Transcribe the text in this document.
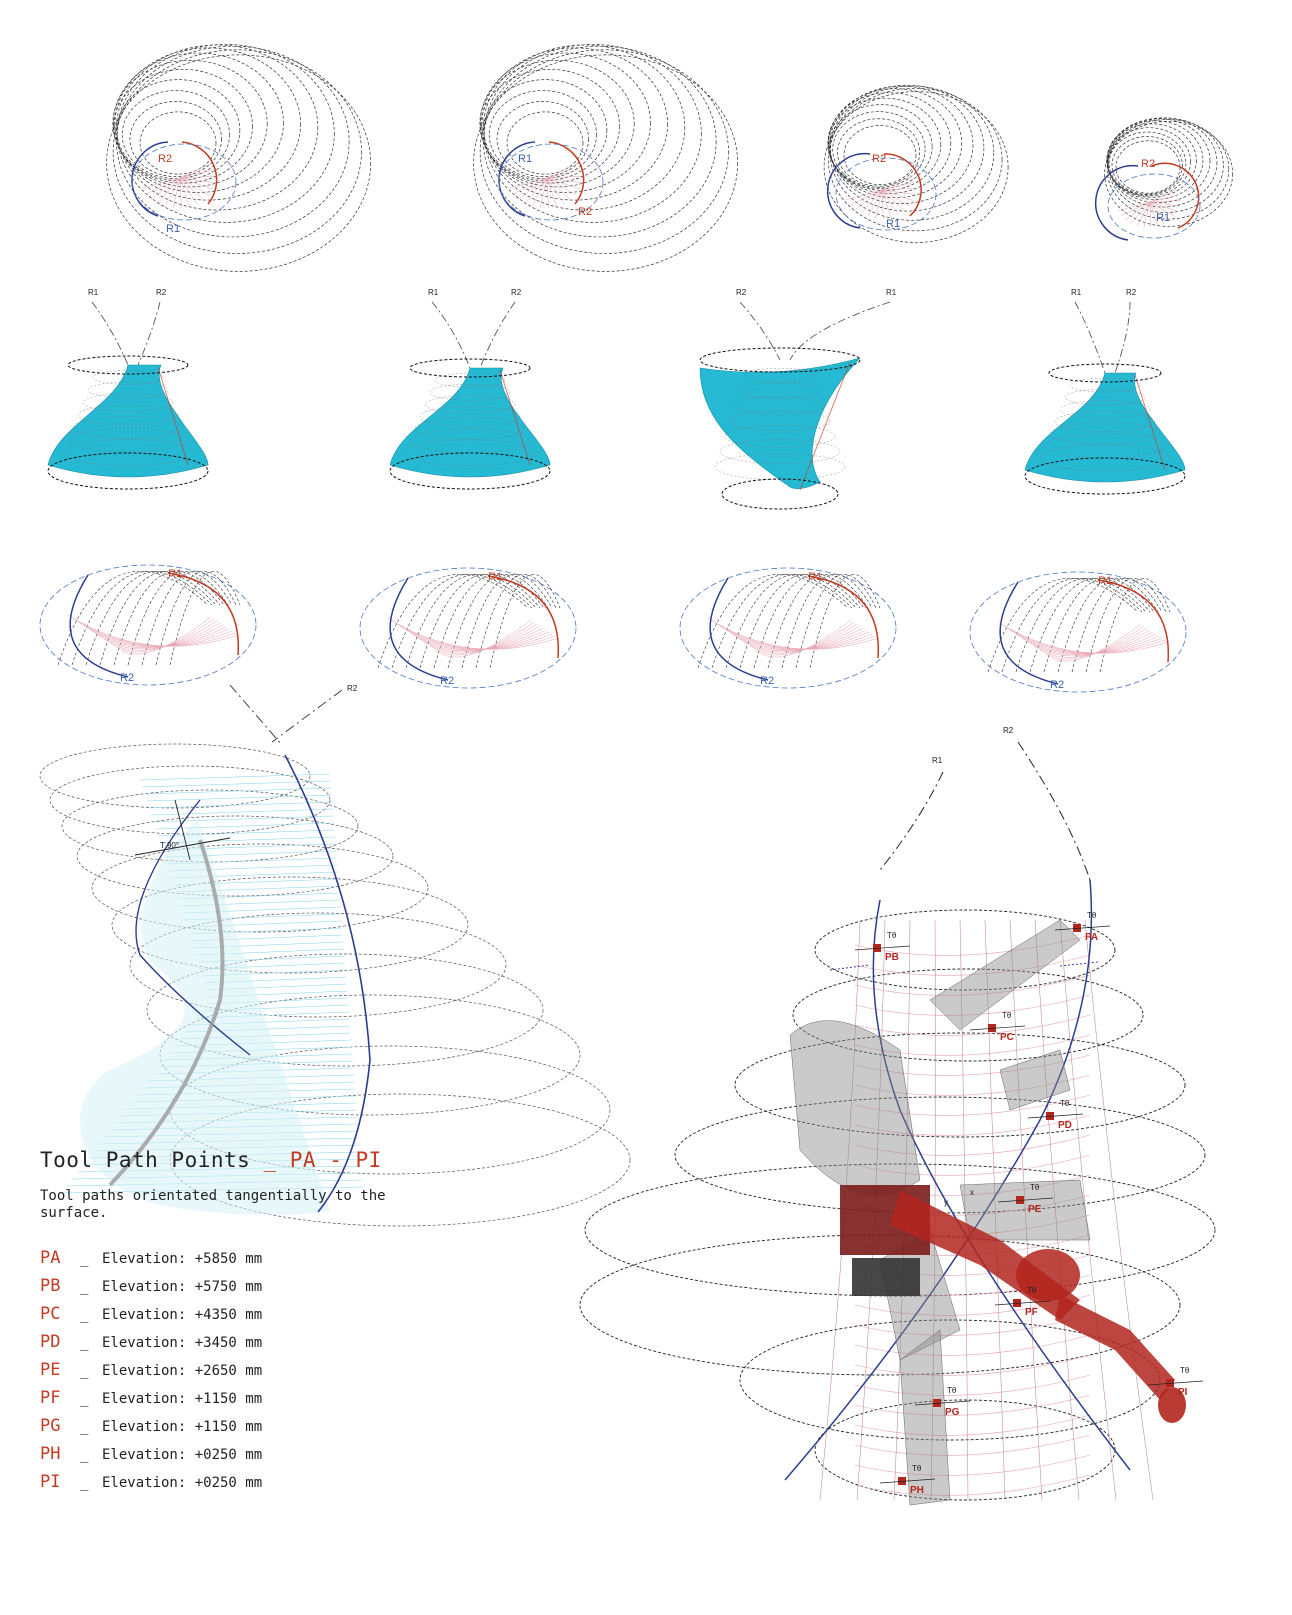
R2
R1
R1
R2
R2
R1
R2
R1
R1	R2	R1	R2	R2	R1	R1	R2
R1
R2
R1
R2
R1
R2
R1
R2
R2
T 90°
R1
R2
PA
Tθ
PB
Tθ
PC
Tθ
PD
Tθ
PE
Tθ
PF
Tθ
PG
Tθ
PH
Tθ
PI
Tθ
x
y
Tool Path Points _ PA - PI
Tool paths orientated tangentially to the surface.
PA _ Elevation: +5850 mm
PB _ Elevation: +5750 mm
PC _ Elevation: +4350 mm
PD _ Elevation: +3450 mm
PE _ Elevation: +2650 mm
PF _ Elevation: +1150 mm
PG _ Elevation: +1150 mm
PH _ Elevation: +0250 mm
PI _ Elevation: +0250 mm
